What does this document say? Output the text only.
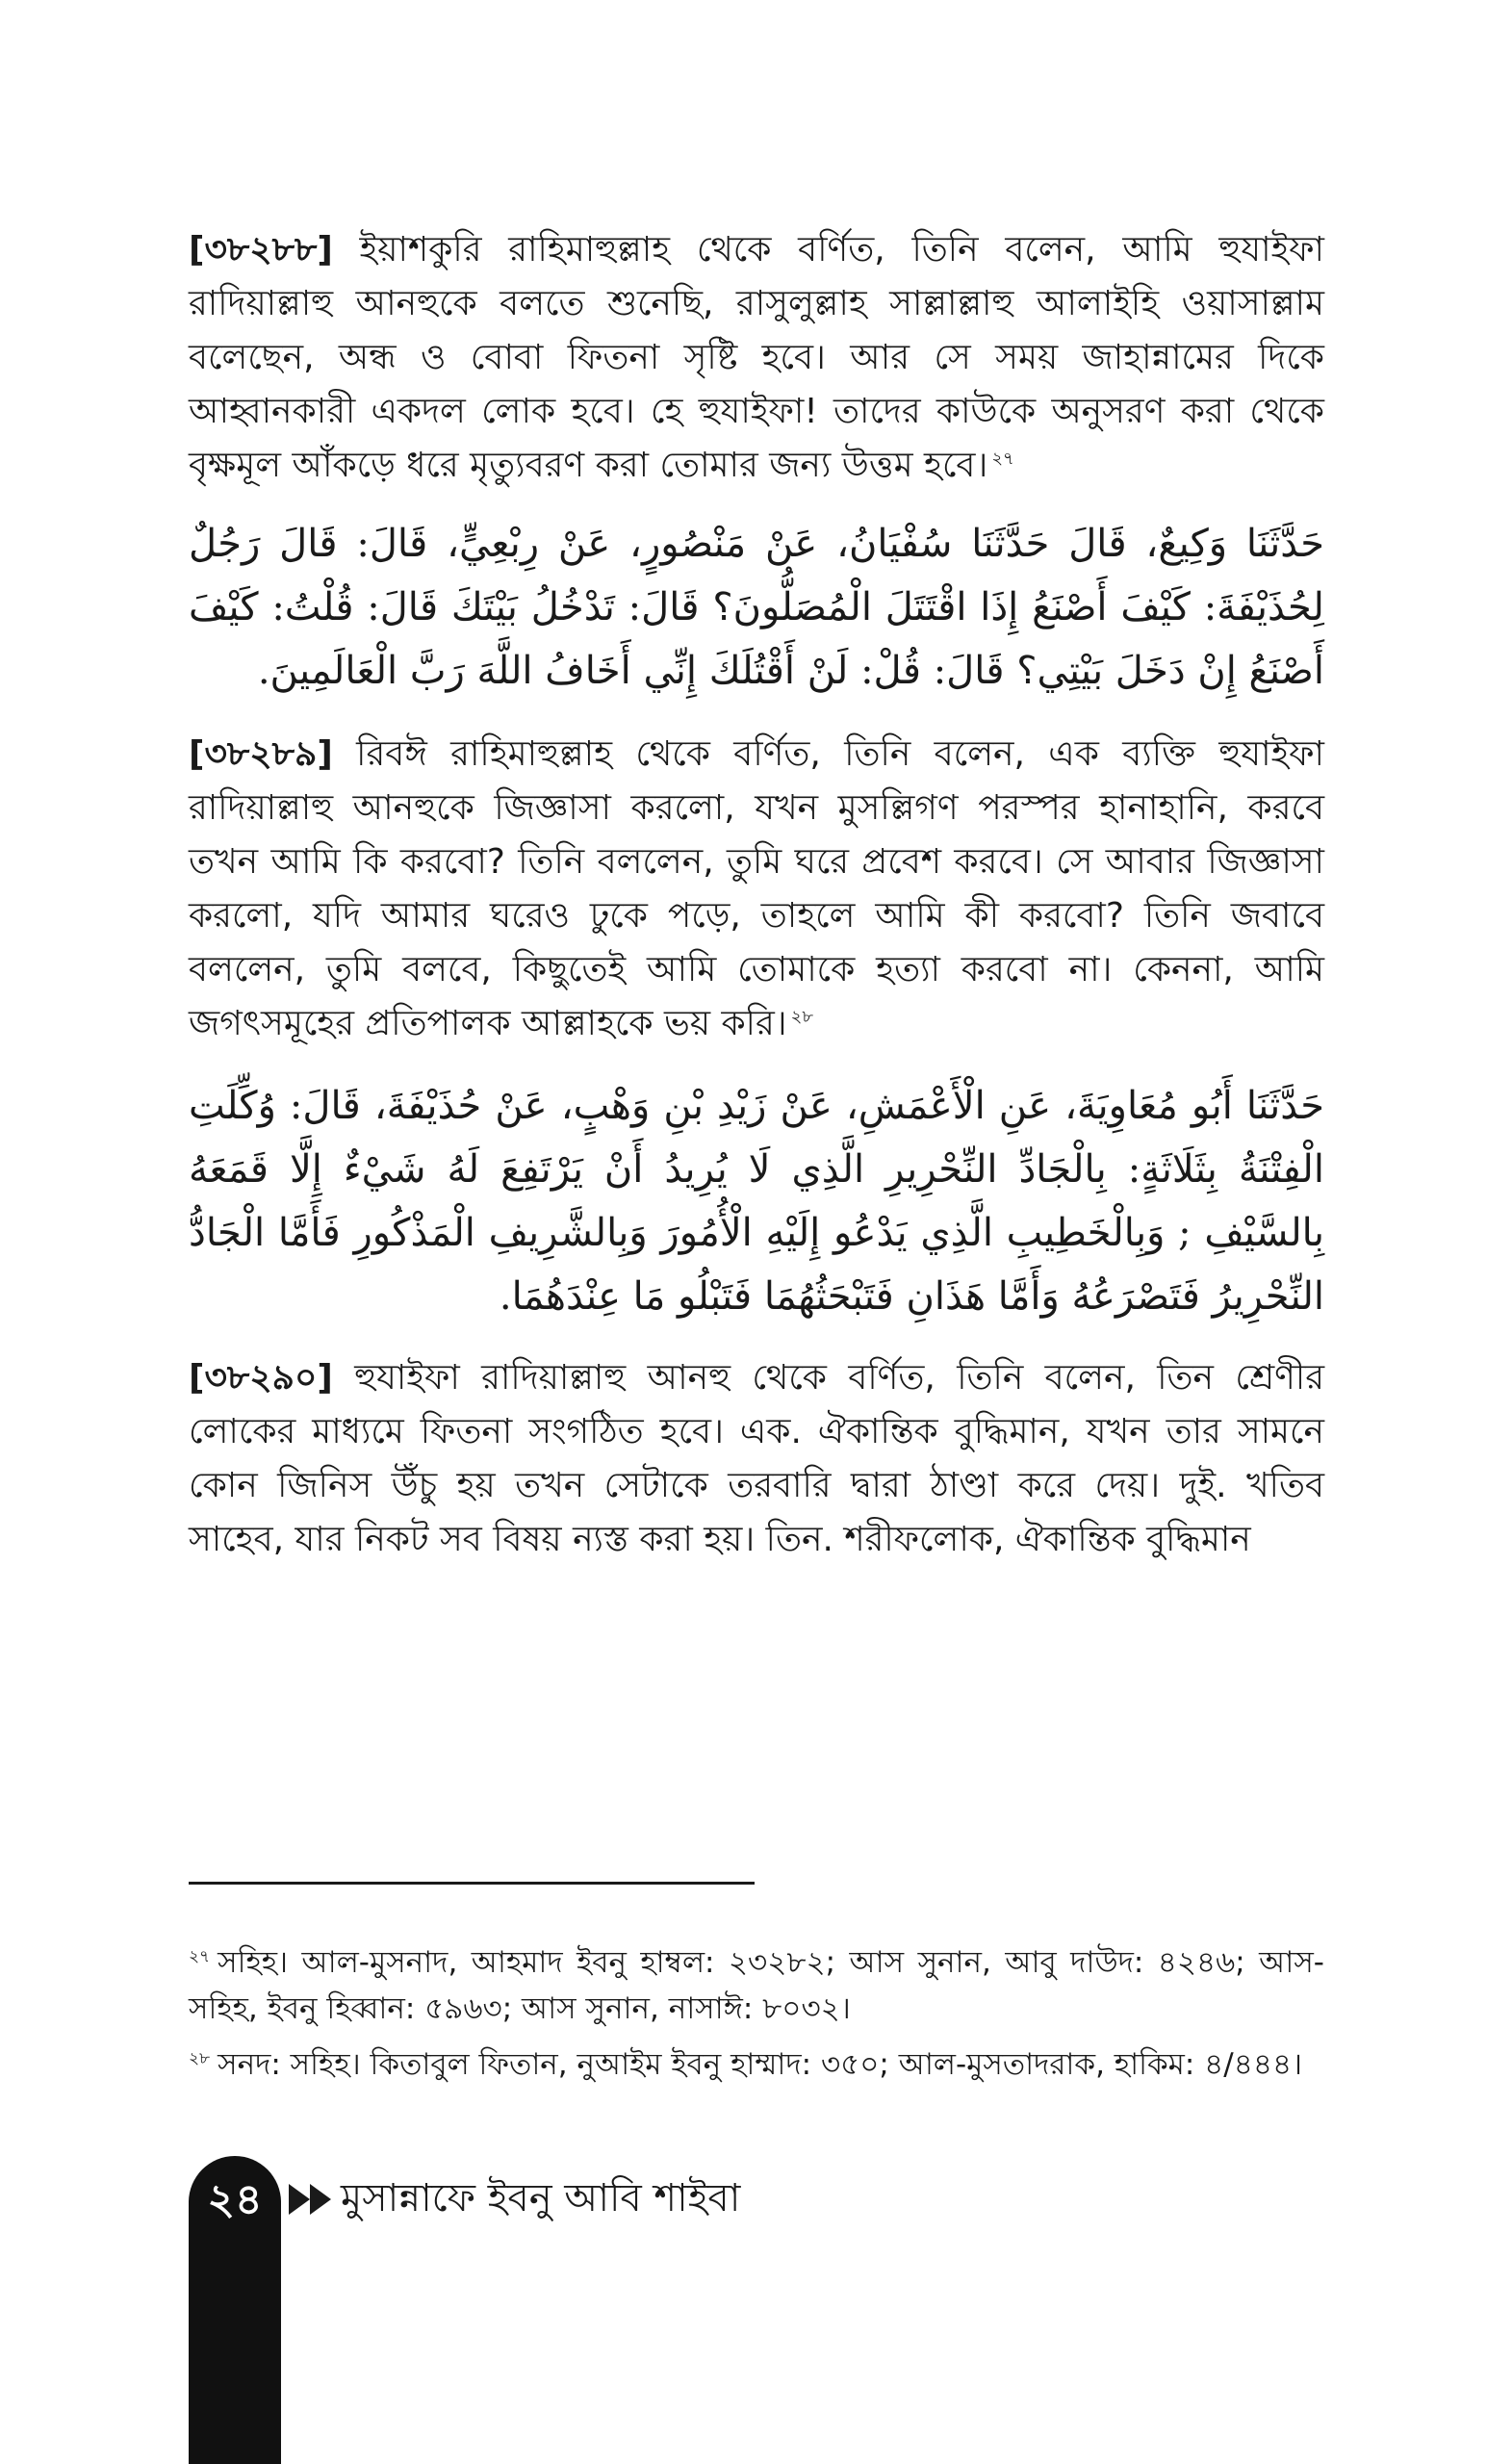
[৩৮২৮৮] ইয়াশকুরি রাহিমাহুল্লাহ থেকে বর্ণিত, তিনি বলেন, আমি হুযাইফা রাদিয়াল্লাহু আনহুকে বলতে শুনেছি, রাসুলুল্লাহ সাল্লাল্লাহু আলাইহি ওয়াসাল্লাম বলেছেন, অন্ধ ও বোবা ফিতনা সৃষ্টি হবে। আর সে সময় জাহান্নামের দিকে আহ্বানকারী একদল লোক হবে। হে হুযাইফা! তাদের কাউকে অনুসরণ করা থেকে বৃক্ষমূল আঁকড়ে ধরে মৃত্যুবরণ করা তোমার জন্য উত্তম হবে। $^{২৭}$

حَدَّثَنَا وَكِيعٌ، قَالَ حَدَّثَنَا سُفْيَانُ، عَنْ مَنْصُورٍ، عَنْ رِبْعِيٍّ، قَالَ: قَالَ رَجُلٌ لِحُذَيْفَةَ: كَيْفَ أَصْنَعُ إِذَا اقْتَتَلَ الْمُصَلُّونَ؟ قَالَ: تَدْخُلُ بَيْتَكَ قَالَ: قُلْتُ: كَيْفَ أَصْنَعُ إِنْ دَخَلَ بَيْتِي؟ قَالَ: قُلْ: لَنْ أَقْتُلَكَ إِنِّي أَخَافُ اللَّهَ رَبَّ الْعَالَمِينَ.

[৩৮২৮৯] রিবঈ রাহিমাহুল্লাহ থেকে বর্ণিত, তিনি বলেন, এক ব্যক্তি হুযাইফা রাদিয়াল্লাহু আনহুকে জিজ্ঞাসা করলো, যখন মুসল্লিগণ পরস্পর হানাহানি, করবে তখন আমি কি করবো? তিনি বললেন, তুমি ঘরে প্রবেশ করবে। সে আবার জিজ্ঞাসা করলো, যদি আমার ঘরেও ঢুকে পড়ে, তাহলে আমি কী করবো? তিনি জবাবে বললেন, তুমি বলবে, কিছুতেই আমি তোমাকে হত্যা করবো না। কেননা, আমি জগৎসমূহের প্রতিপালক আল্লাহকে ভয় করি। $^{২৮}$

حَدَّثَنَا أَبُو مُعَاوِيَةَ، عَنِ الْأَعْمَشِ، عَنْ زَيْدِ بْنِ وَهْبٍ، عَنْ حُذَيْفَةَ، قَالَ: وُكِّلَتِ الْفِتْنَةُ بِثَلَاثَةٍ: بِالْجَادِّ النِّحْرِيرِ الَّذِي لَا يُرِيدُ أَنْ يَرْتَفِعَ لَهُ شَيْءٌ إِلَّا قَمَعَهُ بِالسَّيْفِ ; وَبِالْخَطِيبِ الَّذِي يَدْعُو إِلَيْهِ الْأُمُورَ وَبِالشَّرِيفِ الْمَذْكُورِ فَأَمَّا الْجَادُّ النِّحْرِيرُ فَتَصْرَعُهُ وَأَمَّا هَذَانِ فَتَبْحَثُهُمَا فَتَبْلُو مَا عِنْدَهُمَا.

[৩৮২৯০] হুযাইফা রাদিয়াল্লাহু আনহু থেকে বর্ণিত, তিনি বলেন, তিন শ্রেণীর লোকের মাধ্যমে ফিতনা সংগঠিত হবে। এক. ঐকান্তিক বুদ্ধিমান, যখন তার সামনে কোন জিনিস উঁচু হয় তখন সেটাকে তরবারি দ্বারা ঠাণ্ডা করে দেয়। দুই. খতিব সাহেব, যার নিকট সব বিষয় ন্যস্ত করা হয়। তিন. শরীফলোক, ঐকান্তিক বুদ্ধিমান

$^{২৭}$ সহিহ। আল-মুসনাদ, আহমাদ ইবনু হাম্বল: ২৩২৮২; আস সুনান, আবু দাউদ: ৪২৪৬; আস-সহিহ, ইবনু হিব্বান: ৫৯৬৩; আস সুনান, নাসাঈ: ৮০৩২।

$^{২৮}$ সনদ: সহিহ। কিতাবুল ফিতান, নুআইম ইবনু হাম্মাদ: ৩৫০; আল-মুসতাদরাক, হাকিম: ৪/৪৪৪।

২৪	মুসান্নাফে ইবনু আবি শাইবা
